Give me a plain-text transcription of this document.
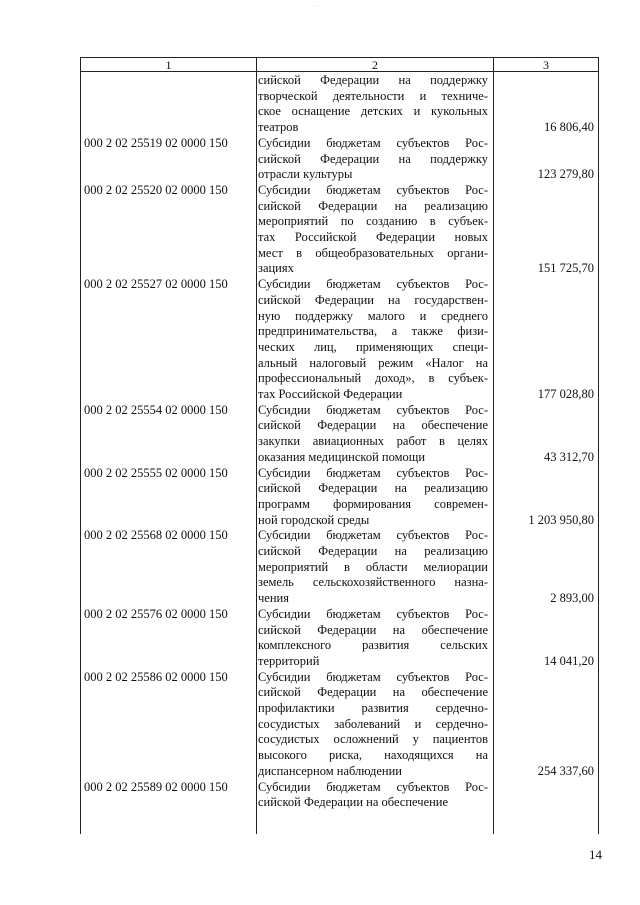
· ·
1	2	3
сийской Федерации на поддержку
творческой деятельности и техниче-
ское оснащение детских и кукольных
театров	16 806,40
000 2 02 25519 02 0000 150	Субсидии бюджетам субъектов Рос-
сийской Федерации на поддержку
отрасли культуры	123 279,80
000 2 02 25520 02 0000 150	Субсидии бюджетам субъектов Рос-
сийской Федерации на реализацию
мероприятий по созданию в субъек-
тах Российской Федерации новых
мест в общеобразовательных органи-
зациях	151 725,70
000 2 02 25527 02 0000 150	Субсидии бюджетам субъектов Рос-
сийской Федерации на государствен-
ную поддержку малого и среднего
предпринимательства, а также физи-
ческих лиц, применяющих специ-
альный налоговый режим «Налог на
профессиональный доход», в субъек-
тах Российской Федерации	177 028,80
000 2 02 25554 02 0000 150	Субсидии бюджетам субъектов Рос-
сийской Федерации на обеспечение
закупки авиационных работ в целях
оказания медицинской помощи	43 312,70
000 2 02 25555 02 0000 150	Субсидии бюджетам субъектов Рос-
сийской Федерации на реализацию
программ формирования современ-
ной городской среды	1 203 950,80
000 2 02 25568 02 0000 150	Субсидии бюджетам субъектов Рос-
сийской Федерации на реализацию
мероприятий в области мелиорации
земель сельскохозяйственного назна-
чения	2 893,00
000 2 02 25576 02 0000 150	Субсидии бюджетам субъектов Рос-
сийской Федерации на обеспечение
комплексного развития сельских
территорий	14 041,20
000 2 02 25586 02 0000 150	Субсидии бюджетам субъектов Рос-
сийской Федерации на обеспечение
профилактики развития сердечно-
сосудистых заболеваний и сердечно-
сосудистых осложнений у пациентов
высокого риска, находящихся на
диспансерном наблюдении	254 337,60
000 2 02 25589 02 0000 150	Субсидии бюджетам субъектов Рос-
сийской Федерации на обеспечение
14
